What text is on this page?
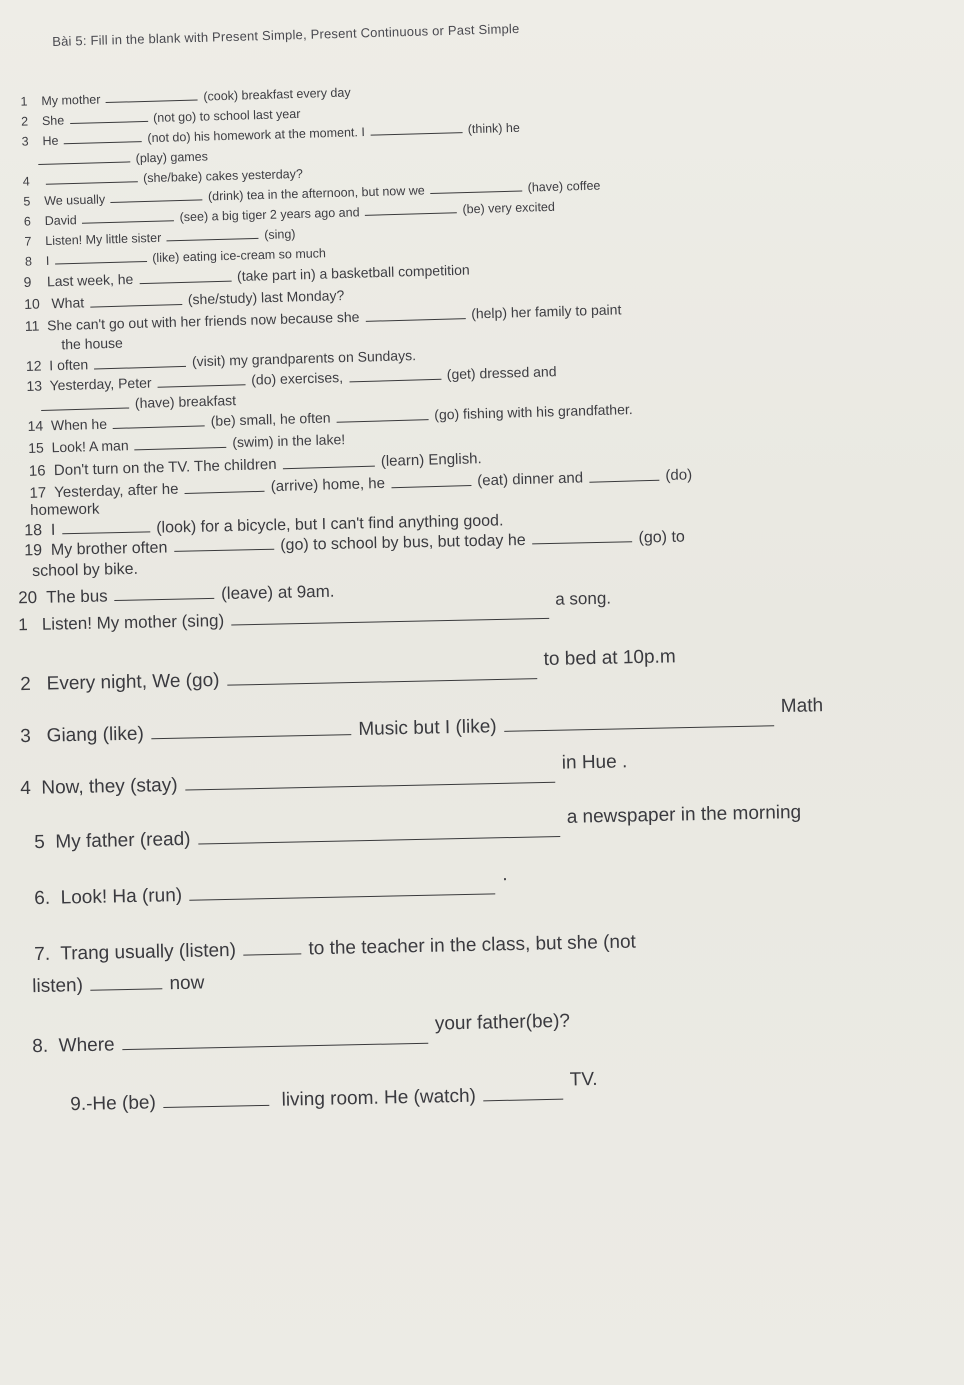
Bài 5: Fill in the blank with Present Simple, Present Continuous or Past Simple
1 My mother	(cook) breakfast every day
2 She	(not go) to school last year
3 He	(not do) his homework at the moment. I	(think) he
(play) games
4	(she/bake) cakes yesterday?
5 We usually	(drink) tea in the afternoon, but now we	(have) coffee
6 David	(see) a big tiger 2 years ago and	(be) very excited
7 Listen! My little sister	(sing)
8 I	(like) eating ice-cream so much
9 Last week, he	(take part in) a basketball competition
10 What	(she/study) last Monday?
11 She can't go out with her friends now because she	(help) her family to paint
the house
12 I often	(visit) my grandparents on Sundays.
13 Yesterday, Peter	(do) exercises,	(get) dressed and
(have) breakfast
14 When he	(be) small, he often	(go) fishing with his grandfather.
15 Look! A man	(swim) in the lake!
16 Don't turn on the TV. The children	(learn) English.
17 Yesterday, after he	(arrive) home, he	(eat) dinner and	(do)
homework
18 I	(look) for a bicycle, but I can't find anything good.
19 My brother often	(go) to school by bus, but today he	(go) to
school by bike.
20 The bus	(leave) at 9am.
1 Listen! My mother (sing)  a song.
2 Every night, We (go)  to bed at 10p.m
3 Giang (like)	Music but I (like)  Math
4 Now, they (stay)  in Hue .
5 My father (read)  a newspaper in the morning
6.  Look! Ha (run)  .
7.  Trang usually (listen)	to the teacher in the class, but she (not
listen)	now
8.  Where  your father(be)?
9.-He (be)	living room. He (watch)  TV.
